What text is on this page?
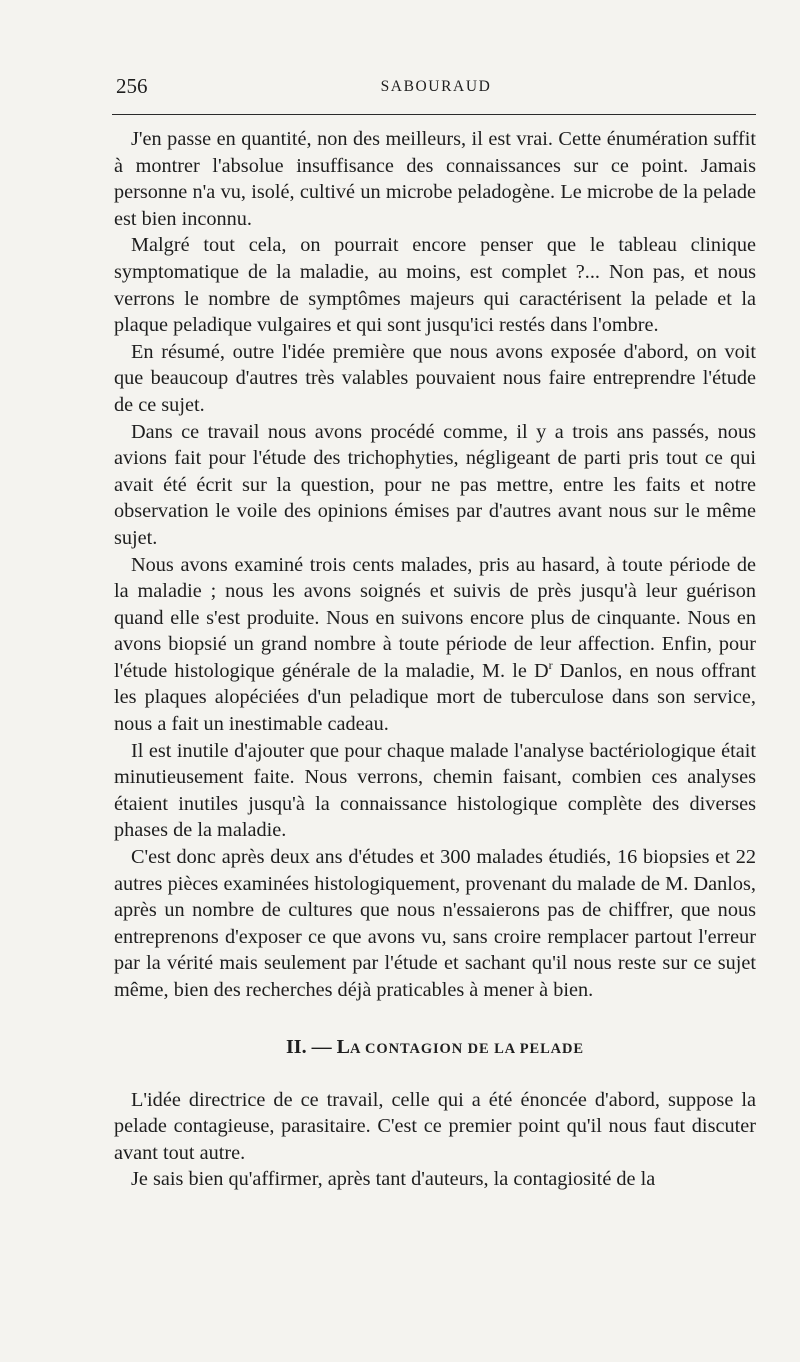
256	SABOURAUD

J'en passe en quantité, non des meilleurs, il est vrai. Cette énumération suffit à montrer l'absolue insuffisance des connaissances sur ce point. Jamais personne n'a vu, isolé, cultivé un microbe peladogène. Le microbe de la pelade est bien inconnu.

Malgré tout cela, on pourrait encore penser que le tableau clinique symptomatique de la maladie, au moins, est complet ?... Non pas, et nous verrons le nombre de symptômes majeurs qui caractérisent la pelade et la plaque peladique vulgaires et qui sont jusqu'ici restés dans l'ombre.

En résumé, outre l'idée première que nous avons exposée d'abord, on voit que beaucoup d'autres très valables pouvaient nous faire entreprendre l'étude de ce sujet.

Dans ce travail nous avons procédé comme, il y a trois ans passés, nous avions fait pour l'étude des trichophyties, négligeant de parti pris tout ce qui avait été écrit sur la question, pour ne pas mettre, entre les faits et notre observation le voile des opinions émises par d'autres avant nous sur le même sujet.

Nous avons examiné trois cents malades, pris au hasard, à toute période de la maladie ; nous les avons soignés et suivis de près jusqu'à leur guérison quand elle s'est produite. Nous en suivons encore plus de cinquante. Nous en avons biopsié un grand nombre à toute période de leur affection. Enfin, pour l'étude histologique générale de la maladie, M. le $D^r$ Danlos, en nous offrant les plaques alopéciées d'un peladique mort de tuberculose dans son service, nous a fait un inestimable cadeau.

Il est inutile d'ajouter que pour chaque malade l'analyse bactériologique était minutieusement faite. Nous verrons, chemin faisant, combien ces analyses étaient inutiles jusqu'à la connaissance histologique complète des diverses phases de la maladie.

C'est donc après deux ans d'études et 300 malades étudiés, 16 biopsies et 22 autres pièces examinées histologiquement, provenant du malade de M. Danlos, après un nombre de cultures que nous n'essaierons pas de chiffrer, que nous entreprenons d'exposer ce que avons vu, sans croire remplacer partout l'erreur par la vérité mais seulement par l'étude et sachant qu'il nous reste sur ce sujet même, bien des recherches déjà praticables à mener à bien.

II. — LA CONTAGION DE LA PELADE

L'idée directrice de ce travail, celle qui a été énoncée d'abord, suppose la pelade contagieuse, parasitaire. C'est ce premier point qu'il nous faut discuter avant tout autre.

Je sais bien qu'affirmer, après tant d'auteurs, la contagiosité de la
